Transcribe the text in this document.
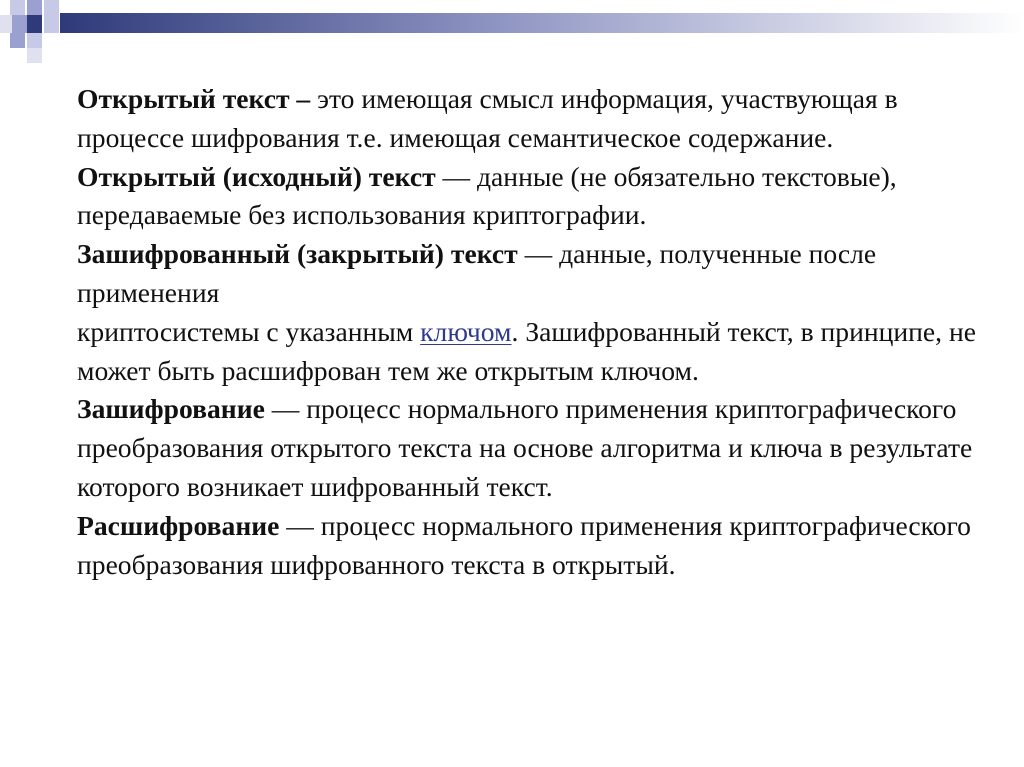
Открытый текст – это имеющая смысл информация, участвующая в процессе шифрования т.е. имеющая семантическое содержание.

Открытый (исходный) текст — данные (не обязательно текстовые), передаваемые без использования криптографии.

Зашифрованный (закрытый) текст — данные, полученные после применения
криптосистемы с указанным ключом. Зашифрованный текст, в принципе, не может быть расшифрован тем же открытым ключом.

Зашифрование — процесс нормального применения криптографического преобразования открытого текста на основе алгоритма и ключа в результате которого возникает шифрованный текст.

Расшифрование — процесс нормального применения криптографического преобразования шифрованного текста в открытый.
